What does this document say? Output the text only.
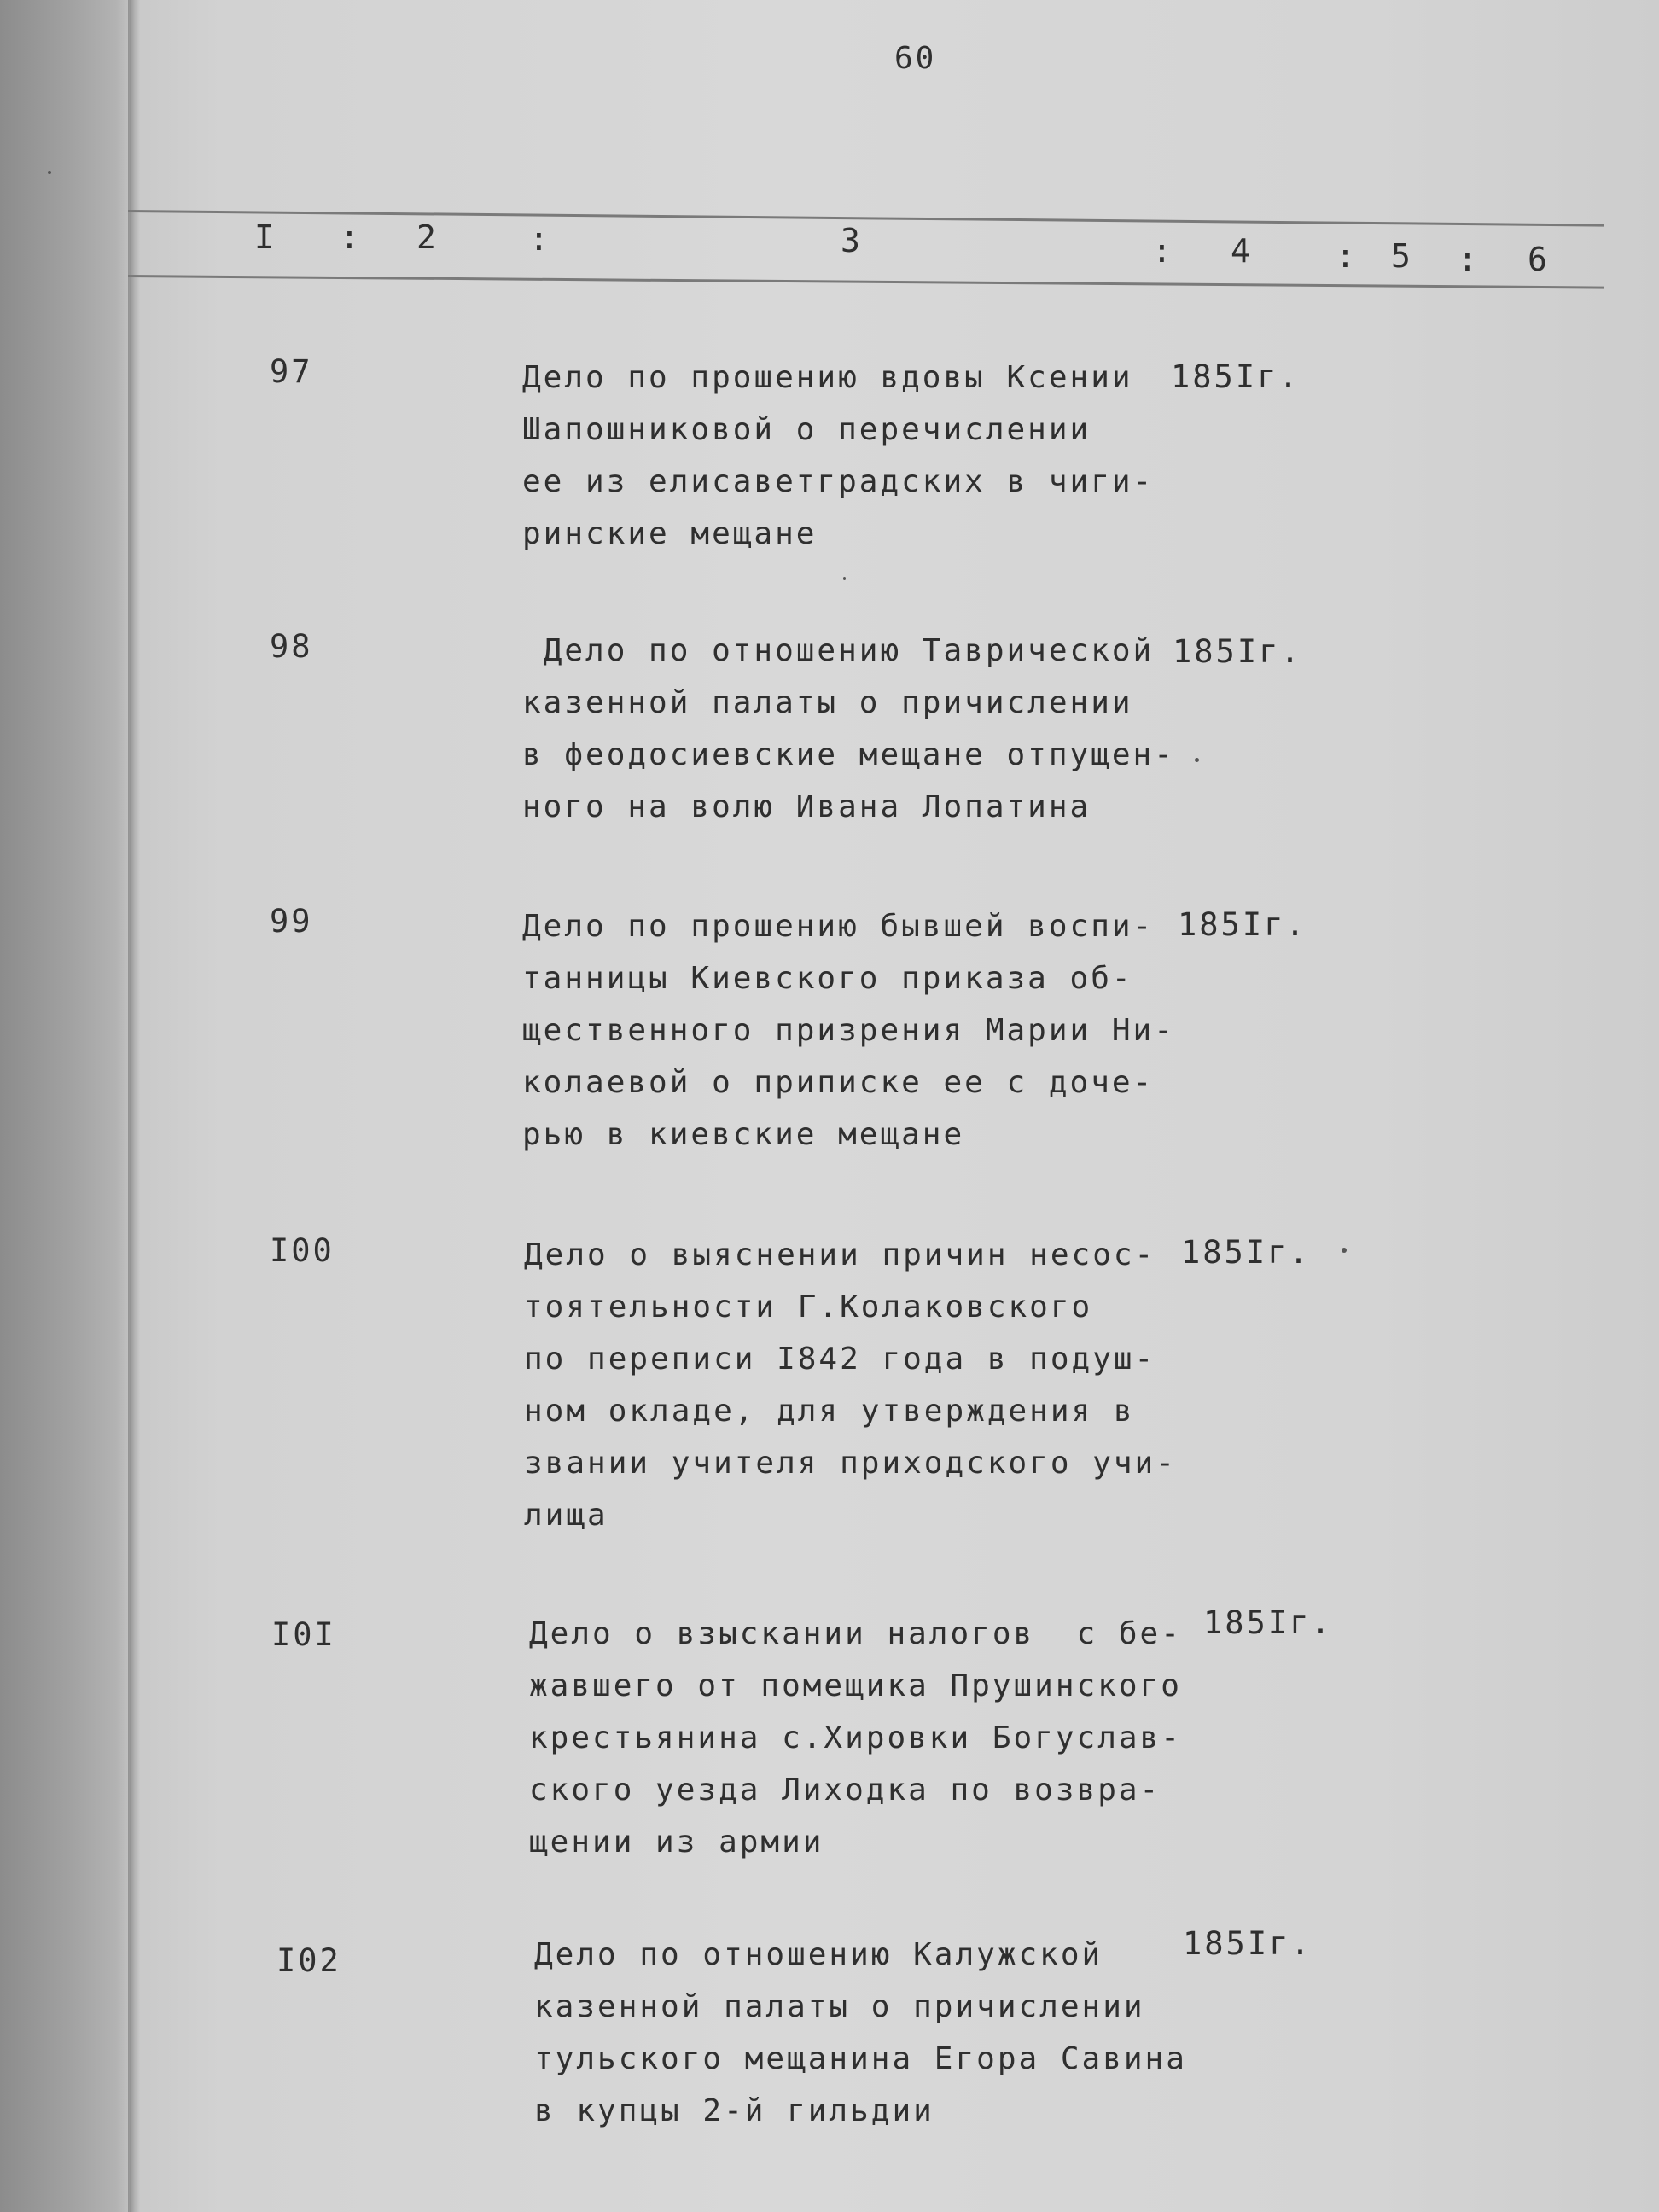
60
I : 2	:	3	: 4	: 5 : 6
97	Дело по прошению вдовы Ксении
Шапошниковой о перечислении
ее из елисаветградских в чиги-
ринские мещане
185Iг.
98	Дело по отношению Таврической
казенной палаты о причислении
в феодосиевские мещане отпущен-
ного на волю Ивана Лопатина
185Iг.
99	Дело по прошению бывшей воспи-
танницы Киевского приказа об-
щественного призрения Марии Ни-
колаевой о приписке ее с доче-
рью в киевские мещане
185Iг.
I00	Дело о выяснении причин несос-
тоятельности Г.Колаковского
по переписи I842 года в подуш-
ном окладе, для утверждения в
звании учителя приходского учи-
лища
185Iг.
I0I	Дело о взыскании налогов  с бе-
жавшего от помещика Прушинского
крестьянина с.Хировки Богуслав-
ского уезда Лиходка по возвра-
щении из армии
185Iг.
I02	Дело по отношению Калужской
казенной палаты о причислении
тульского мещанина Егора Савина
в купцы 2-й гильдии
185Iг.
